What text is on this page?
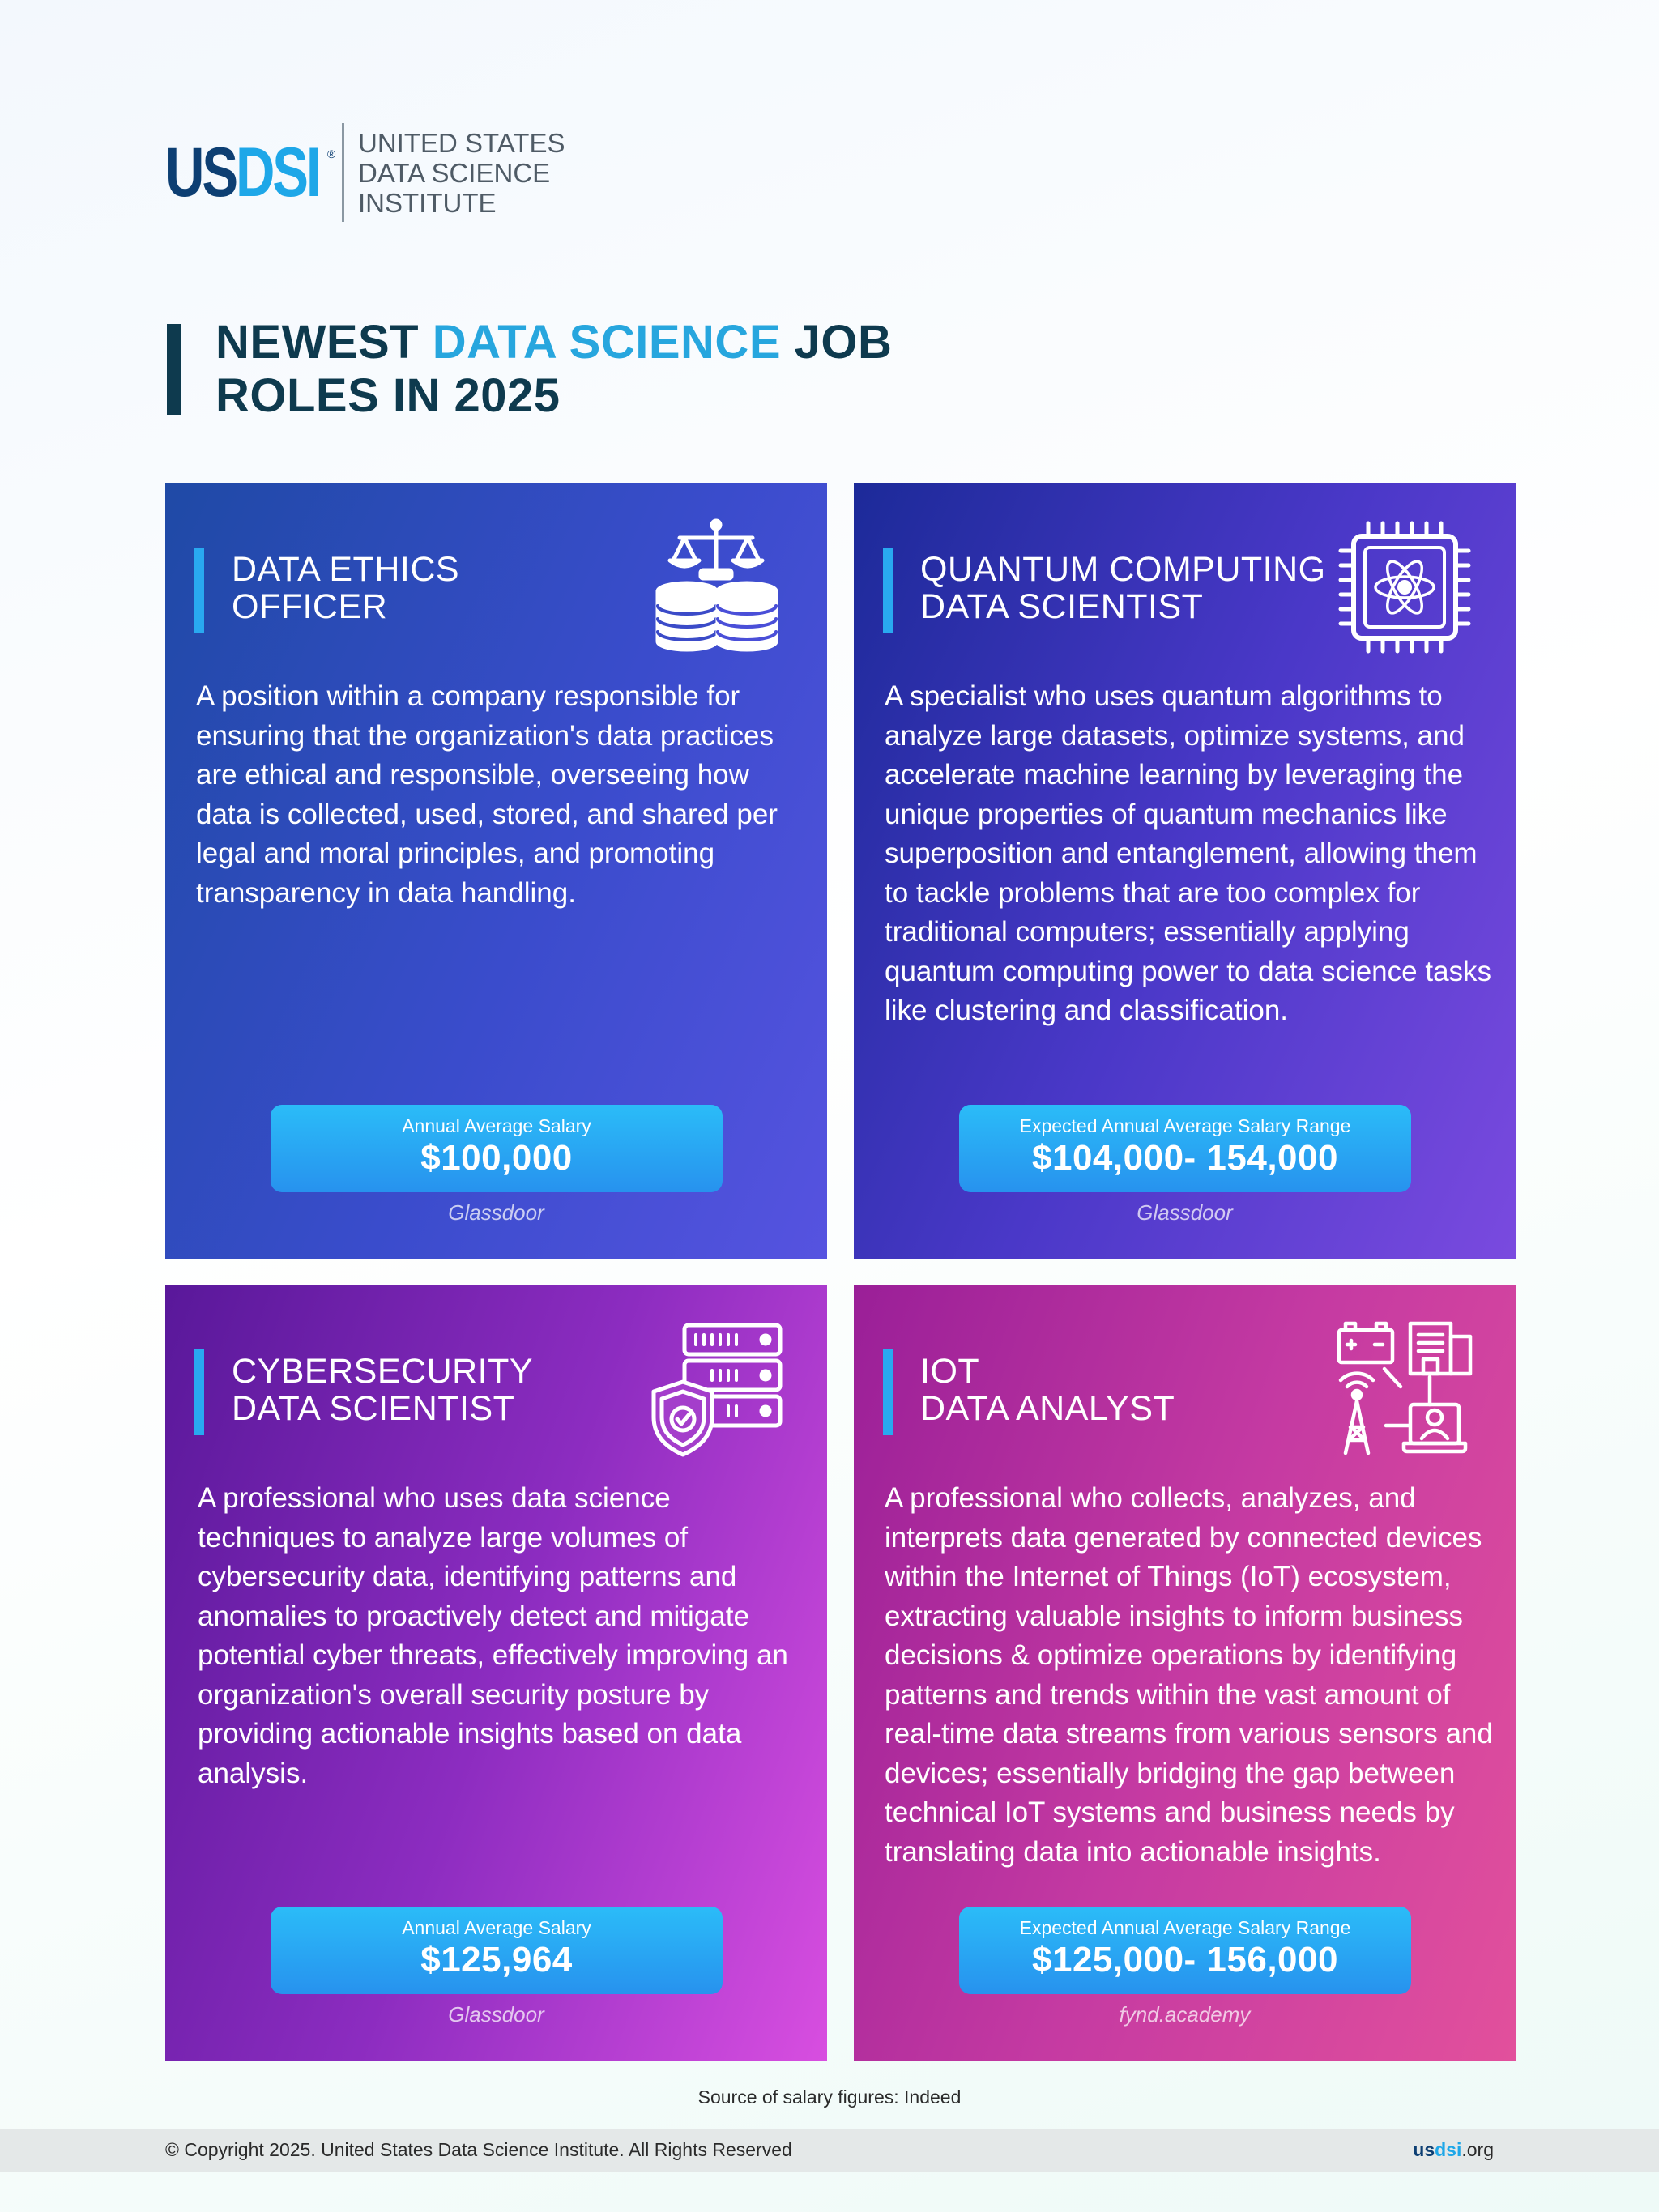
USDSI ® UNITED STATES
DATA SCIENCE
INSTITUTE
NEWEST DATA SCIENCE JOB
ROLES IN 2025
DATA ETHICS
OFFICER

A position within a company responsible for ensuring that the organization's data practices are ethical and responsible, overseeing how data is collected, used, stored, and shared per legal and moral principles, and promoting transparency in data handling.

Annual Average Salary
$100,000
Glassdoor
QUANTUM COMPUTING
DATA SCIENTIST

A specialist who uses quantum algorithms to analyze large datasets, optimize systems, and accelerate machine learning by leveraging the unique properties of quantum mechanics like superposition and entanglement, allowing them to tackle problems that are too complex for traditional computers; essentially applying quantum computing power to data science tasks like clustering and classification.

Expected Annual Average Salary Range
$104,000- 154,000
Glassdoor
CYBERSECURITY
DATA SCIENTIST

A professional who uses data science techniques to analyze large volumes of cybersecurity data, identifying patterns and anomalies to proactively detect and mitigate potential cyber threats, effectively improving an organization's overall security posture by providing actionable insights based on data analysis.

Annual Average Salary
$125,964
Glassdoor
IOT
DATA ANALYST

A professional who collects, analyzes, and interprets data generated by connected devices within the Internet of Things (IoT) ecosystem, extracting valuable insights to inform business decisions & optimize operations by identifying patterns and trends within the vast amount of real-time data streams from various sensors and devices; essentially bridging the gap between technical IoT systems and business needs by translating data into actionable insights.

Expected Annual Average Salary Range
$125,000- 156,000
fynd.academy
Source of salary figures: Indeed
© Copyright 2025. United States Data Science Institute. All Rights Reserved	usdsi.org
